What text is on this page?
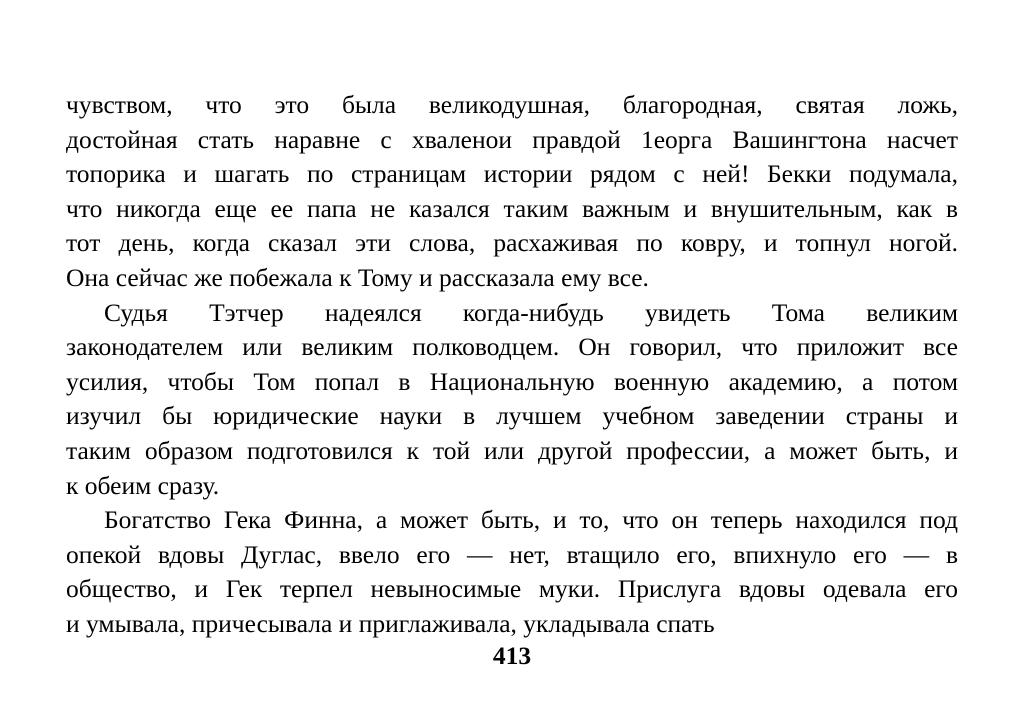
чувством, что это была великодушная, благородная, святая ложь,
достойная стать наравне с хваленои правдой 1еорга Вашингтона насчет
топорика и шагать по страницам истории рядом с ней! Бекки подумала,
что никогда еще ее папа не казался таким важным и внушительным, как в
тот день, когда сказал эти слова, расхаживая по ковру, и топнул ногой.
Она сейчас же побежала к Тому и рассказала ему все.
Судья Тэтчер надеялся когда-нибудь увидеть Тома великим
законодателем или великим полководцем. Он говорил, что приложит все
усилия, чтобы Том попал в Национальную военную академию, а потом
изучил бы юридические науки в лучшем учебном заведении страны и
таким образом подготовился к той или другой профессии, а может быть, и
к обеим сразу.
Богатство Гека Финна, а может быть, и то, что он теперь находился под
опекой вдовы Дуглас, ввело его — нет, втащило его, впихнуло его — в
общество, и Гек терпел невыносимые муки. Прислуга вдовы одевала его
и умывала, причесывала и приглаживала, укладывала спать
413
